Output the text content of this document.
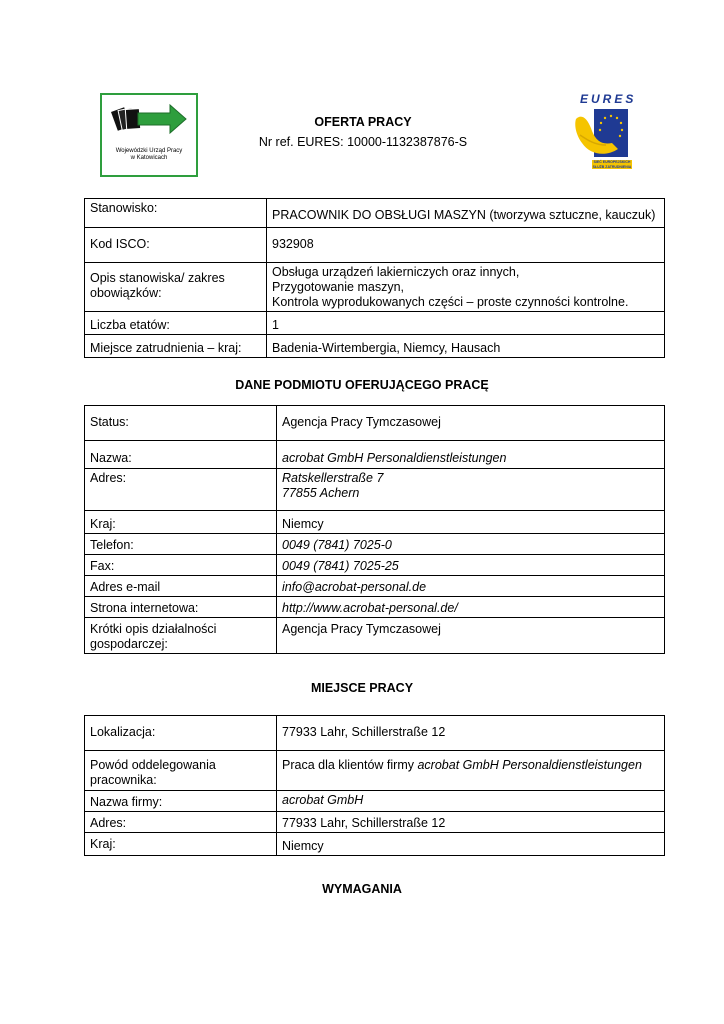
Wojewódzki Urząd Pracy
w Katowicach
OFERTA PRACY
Nr ref. EURES: 10000-1132387876-S
EURES
SIEĆ EUROPEJSKICH
SŁUŻB ZATRUDNIENIA
Stanowisko:	PRACOWNIK DO OBSŁUGI MASZYN (tworzywa sztuczne, kauczuk)
Kod ISCO:	932908
Opis stanowiska/ zakres obowiązków:	Obsługa urządzeń lakierniczych oraz innych,
Przygotowanie maszyn,
Kontrola wyprodukowanych części – proste czynności kontrolne.

Liczba etatów:	1
Miejsce zatrudnienia – kraj:	Badenia-Wirtembergia, Niemcy, Hausach
DANE PODMIOTU OFERUJĄCEGO PRACĘ
Status:	Agencja Pracy Tymczasowej
Nazwa:	acrobat GmbH Personaldienstleistungen
Adres:	Ratskellerstraße 7
77855 Achern

Kraj:	Niemcy
Telefon:	0049 (7841) 7025-0
Fax:	0049 (7841) 7025-25
Adres e-mail	info@acrobat-personal.de
Strona internetowa:	http://www.acrobat-personal.de/
Krótki opis działalności gospodarczej:	Agencja Pracy Tymczasowej
MIEJSCE PRACY
Lokalizacja:	77933 Lahr, Schillerstraße 12
Powód oddelegowania pracownika:	Praca dla klientów firmy acrobat GmbH Personaldienstleistungen
Nazwa firmy:	acrobat GmbH
Adres:	77933 Lahr, Schillerstraße 12
Kraj:	Niemcy
WYMAGANIA
